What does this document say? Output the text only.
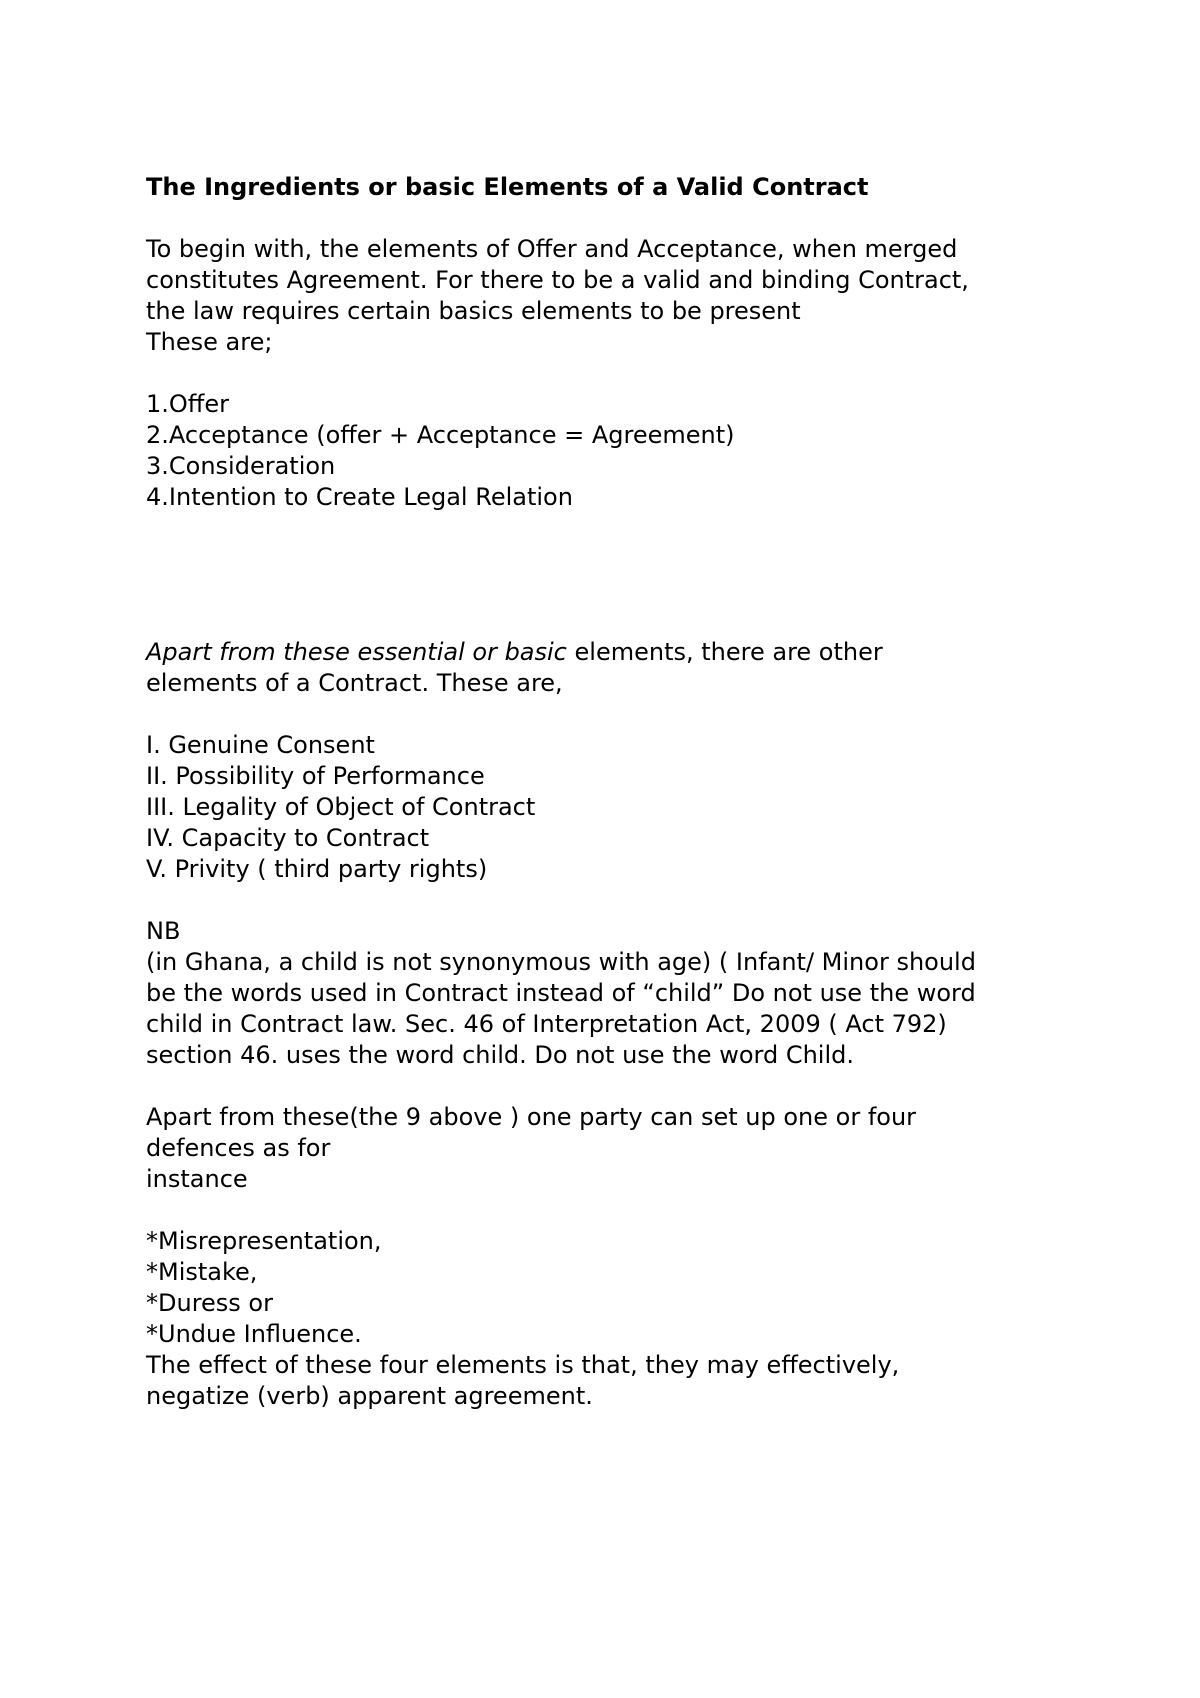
The Ingredients or basic Elements of a Valid Contract
To begin with, the elements of Offer and Acceptance, when merged
constitutes Agreement. For there to be a valid and binding Contract,
the law requires certain basics elements to be present
These are;
1.Offer
2.Acceptance (offer + Acceptance = Agreement)
3.Consideration
4.Intention to Create Legal Relation
Apart from these essential or basic elements, there are other
elements of a Contract. These are,
I. Genuine Consent
II. Possibility of Performance
III. Legality of Object of Contract
IV. Capacity to Contract
V. Privity ( third party rights)
NB
(in Ghana, a child is not synonymous with age) ( Infant/ Minor should
be the words used in Contract instead of “child” Do not use the word
child in Contract law. Sec. 46 of Interpretation Act, 2009 ( Act 792)
section 46. uses the word child. Do not use the word Child.
Apart from these(the 9 above ) one party can set up one or four
defences as for
instance
*Misrepresentation,
*Mistake,
*Duress or
*Undue Influence.
The effect of these four elements is that, they may effectively,
negatize (verb) apparent agreement.
